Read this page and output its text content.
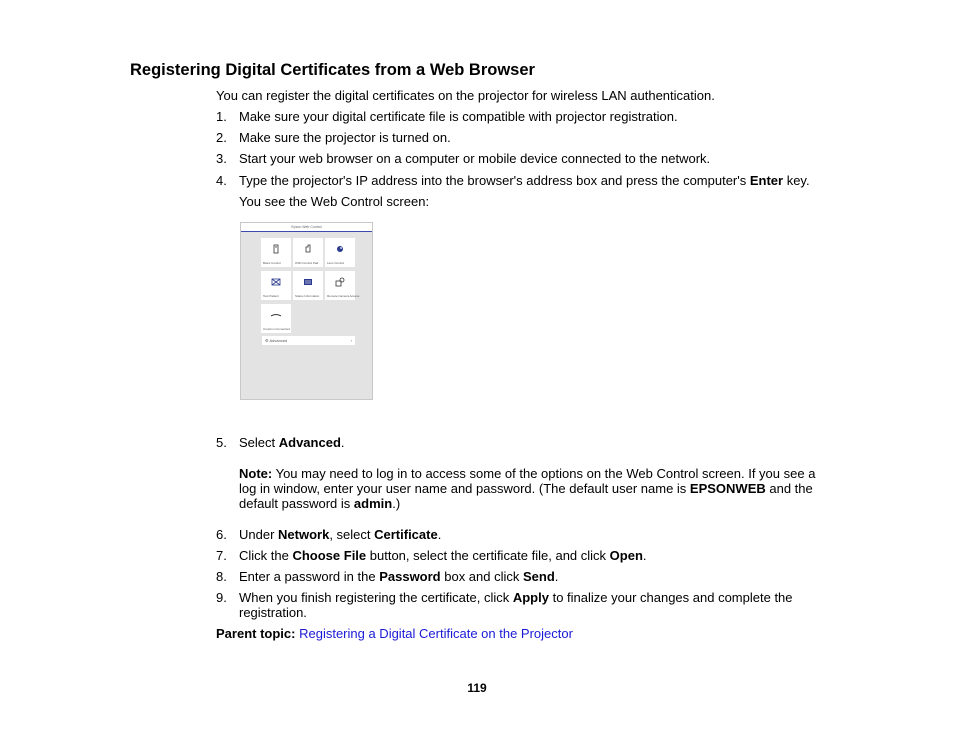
Registering Digital Certificates from a Web Browser
You can register the digital certificates on the projector for wireless LAN authentication.
1. Make sure your digital certificate file is compatible with projector registration.
2. Make sure the projector is turned on.
3. Start your web browser on a computer or mobile device connected to the network.
4. Type the projector's IP address into the browser's address box and press the computer's Enter key.
You see the Web Control screen:
Epson Web Control
Basic Control	OSD Control Pad	Lens Control
Test Pattern	Status Information	Remote Camera Access
Crestron Connected
⚙ Advanced	›
5. Select Advanced.
Note: You may need to log in to access some of the options on the Web Control screen. If you see a log in window, enter your user name and password. (The default user name is EPSONWEB and the default password is admin.)
6. Under Network, select Certificate.
7. Click the Choose File button, select the certificate file, and click Open.
8. Enter a password in the Password box and click Send.
9. When you finish registering the certificate, click Apply to finalize your changes and complete the registration.
Parent topic: Registering a Digital Certificate on the Projector
119
